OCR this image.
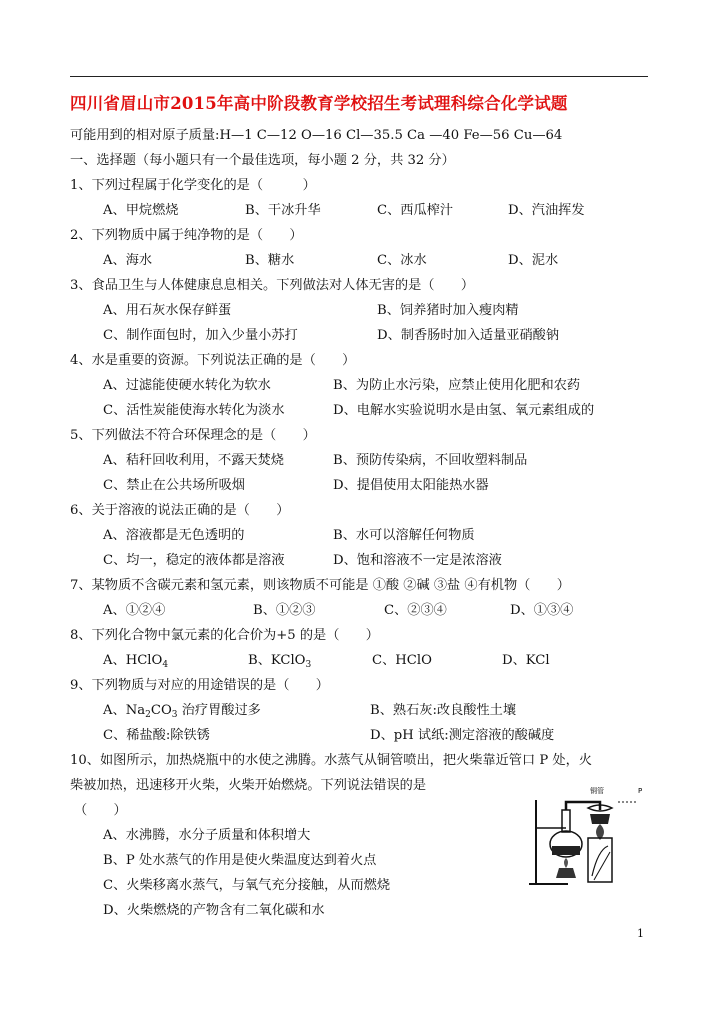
四川省眉山市2015年高中阶段教育学校招生考试理科综合化学试题
可能用到的相对原子质量:H—1 C—12 O—16 Cl—35.5 Ca —40 Fe—56 Cu—64
一、选择题（每小题只有一个最佳选项，每小题 2 分，共 32 分）
1、下列过程属于化学变化的是（　　　）
A、甲烷燃烧	B、干冰升华	C、西瓜榨汁	D、汽油挥发
2、下列物质中属于纯净物的是（　　）
A、海水	B、糖水	C、冰水	D、泥水
3、食品卫生与人体健康息息相关。下列做法对人体无害的是（　　）
A、用石灰水保存鲜蛋	B、饲养猪时加入瘦肉精
C、制作面包时，加入少量小苏打	D、制香肠时加入适量亚硝酸钠
4、水是重要的资源。下列说法正确的是（　　）
A、过滤能使硬水转化为软水	B、为防止水污染，应禁止使用化肥和农药
C、活性炭能使海水转化为淡水	D、电解水实验说明水是由氢、氧元素组成的
5、下列做法不符合环保理念的是（　　）
A、秸秆回收利用，不露天焚烧	B、预防传染病，不回收塑料制品
C、禁止在公共场所吸烟	D、提倡使用太阳能热水器
6、关于溶液的说法正确的是（　　）
A、溶液都是无色透明的	B、水可以溶解任何物质
C、均一，稳定的液体都是溶液	D、饱和溶液不一定是浓溶液
7、某物质不含碳元素和氢元素，则该物质不可能是 ①酸 ②碱 ③盐 ④有机物（　　）
A、①②④	B、①②③	C、②③④	D、①③④
8、下列化合物中氯元素的化合价为+5 的是（　　）
A、HClO$_4$	B、KClO$_3$	C、HClO	D、KCl
9、下列物质与对应的用途错误的是（　　）
A、$Na_2CO_3$ 治疗胃酸过多	B、熟石灰:改良酸性土壤
C、稀盐酸:除铁锈	D、pH 试纸:测定溶液的酸碱度
10、如图所示，加热烧瓶中的水使之沸腾。水蒸气从铜管喷出，把火柴靠近管口 P 处，火
柴被加热，迅速移开火柴，火柴开始燃烧。下列说法错误的是
（　　）
A、水沸腾，水分子质量和体积增大
B、P 处水蒸气的作用是使火柴温度达到着火点
C、火柴移离水蒸气，与氧气充分接触，从而燃烧
D、火柴燃烧的产物含有二氧化碳和水
铜管	P
1
